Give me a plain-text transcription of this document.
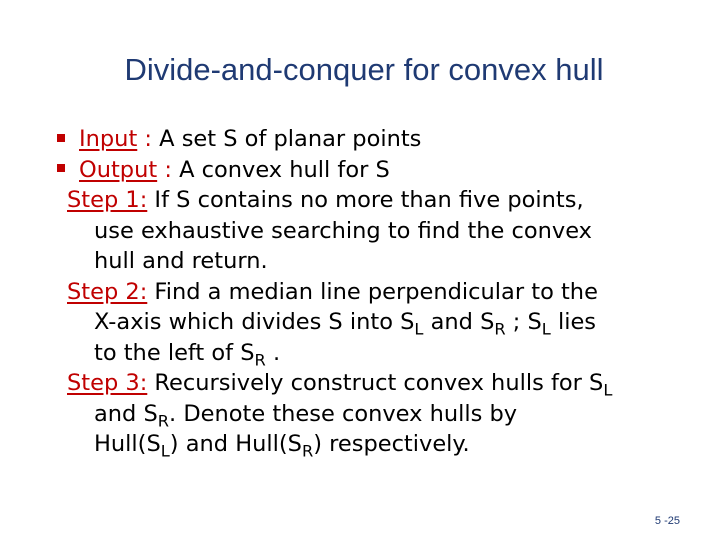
Divide-and-conquer for convex hull
Input : A set S of planar points
Output : A convex hull for S
Step 1: If S contains no more than five points,
use exhaustive searching to find the convex
hull and return.
Step 2: Find a median line perpendicular to the
X-axis which divides S into $S_L$ and $S_R$ ; $S_L$ lies
to the left of $S_R$ .
Step 3: Recursively construct convex hulls for $S_L$
and $S_R$. Denote these convex hulls by
$Hull(S_L)$ and $Hull(S_R)$ respectively.
5 -25
